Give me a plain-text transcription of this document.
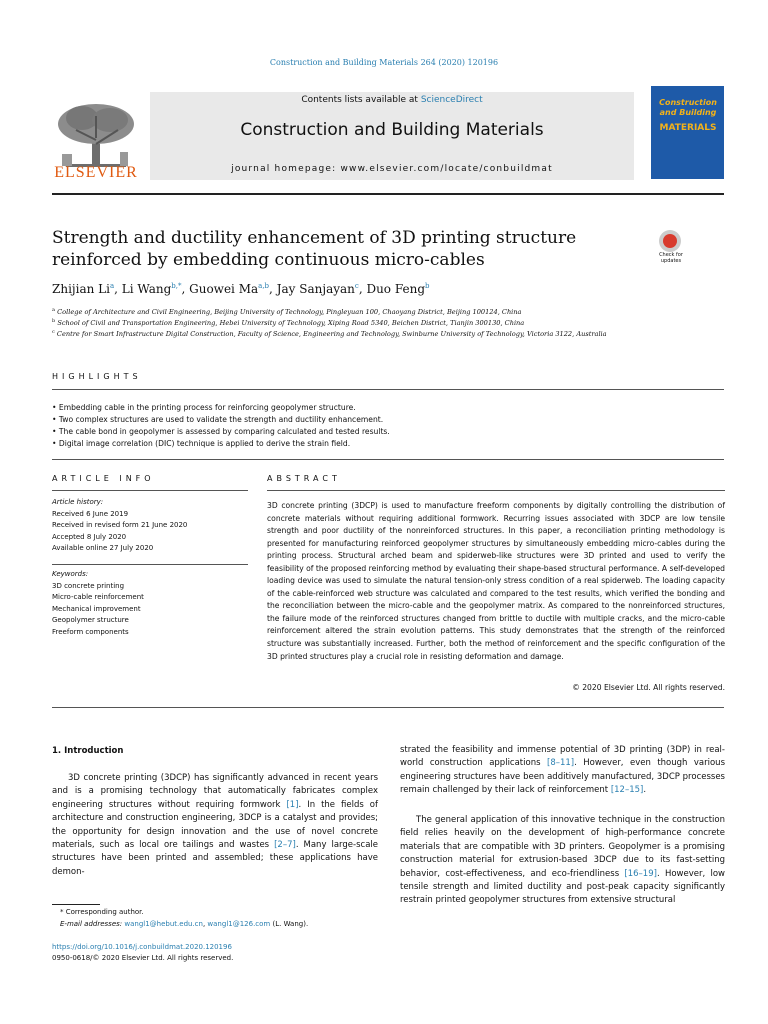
Construction and Building Materials 264 (2020) 120196
ELSEVIER
Contents lists available at ScienceDirect
Construction and Building Materials
journal homepage: www.elsevier.com/locate/conbuildmat
Construction and Building
MATERIALS
Strength and ductility enhancement of 3D printing structure reinforced by embedding continuous micro-cables	Check for updates
Zhijian Li$^a$, Li Wang$^{b,*}$, Guowei Ma$^{a,b}$, Jay Sanjayan$^c$, Duo Feng$^b$
$^a$ College of Architecture and Civil Engineering, Beijing University of Technology, Pingleyuan 100, Chaoyang District, Beijing 100124, China
$^b$ School of Civil and Transportation Engineering, Hebei University of Technology, Xiping Road 5340, Beichen District, Tianjin 300130, China
$^c$ Centre for Smart Infrastructure Digital Construction, Faculty of Science, Engineering and Technology, Swinburne University of Technology, Victoria 3122, Australia
HIGHLIGHTS
• Embedding cable in the printing process for reinforcing geopolymer structure.
• Two complex structures are used to validate the strength and ductility enhancement.
• The cable bond in geopolymer is assessed by comparing calculated and tested results.
• Digital image correlation (DIC) technique is applied to derive the strain field.
ARTICLE INFO
Article history:
Received 6 June 2019
Received in revised form 21 June 2020
Accepted 8 July 2020
Available online 27 July 2020
Keywords:
3D concrete printing
Micro-cable reinforcement
Mechanical improvement
Geopolymer structure
Freeform components
ABSTRACT
3D concrete printing (3DCP) is used to manufacture freeform components by digitally controlling the distribution of concrete materials without requiring additional formwork. Recurring issues associated with 3DCP are low tensile strength and poor ductility of the nonreinforced structures. In this paper, a reconciliation printing methodology is presented for manufacturing reinforced geopolymer structures by simultaneously embedding micro-cables during the printing process. Structural arched beam and spiderweb-like structures were 3D printed and used to verify the feasibility of the proposed reinforcing method by evaluating their shape-based structural performance. A self-developed loading device was used to simulate the natural tension-only stress condition of a real spiderweb. The loading capacity of the cable-reinforced web structure was calculated and compared to the test results, which verified the bonding and the reconciliation between the micro-cable and the geopolymer matrix. As compared to the nonreinforced structures, the failure mode of the reinforced structures changed from brittle to ductile with multiple cracks, and the micro-cable reinforcement altered the strain evolution patterns. This study demonstrates that the strength of the reinforced structure was substantially increased. Further, both the method of reinforcement and the specific configuration of the 3D printed structures play a crucial role in resisting deformation and damage.
© 2020 Elsevier Ltd. All rights reserved.
1. Introduction
3D concrete printing (3DCP) has significantly advanced in recent years and is a promising technology that automatically fabricates complex engineering structures without requiring formwork [1]. In the fields of architecture and construction engineering, 3DCP is a catalyst and provides; the opportunity for design innovation and the use of novel concrete materials, such as local ore tailings and wastes [2–7]. Many large-scale structures have been printed and assembled; these applications have demon-
strated the feasibility and immense potential of 3D printing (3DP) in real-world construction applications [8–11]. However, even though various engineering structures have been additively manufactured, 3DCP processes remain challenged by their lack of reinforcement [12–15].
The general application of this innovative technique in the construction field relies heavily on the development of high-performance concrete materials that are compatible with 3D printers. Geopolymer is a promising construction material for extrusion-based 3DCP due to its fast-setting behavior, cost-effectiveness, and eco-friendliness [16–19]. However, low tensile strength and limited ductility and post-peak capacity significantly restrain printed geopolymer structures from extensive structural
* Corresponding author.
E-mail addresses: wangl1@hebut.edu.cn, wangl1@126.com (L. Wang).
https://doi.org/10.1016/j.conbuildmat.2020.120196
0950-0618/© 2020 Elsevier Ltd. All rights reserved.
